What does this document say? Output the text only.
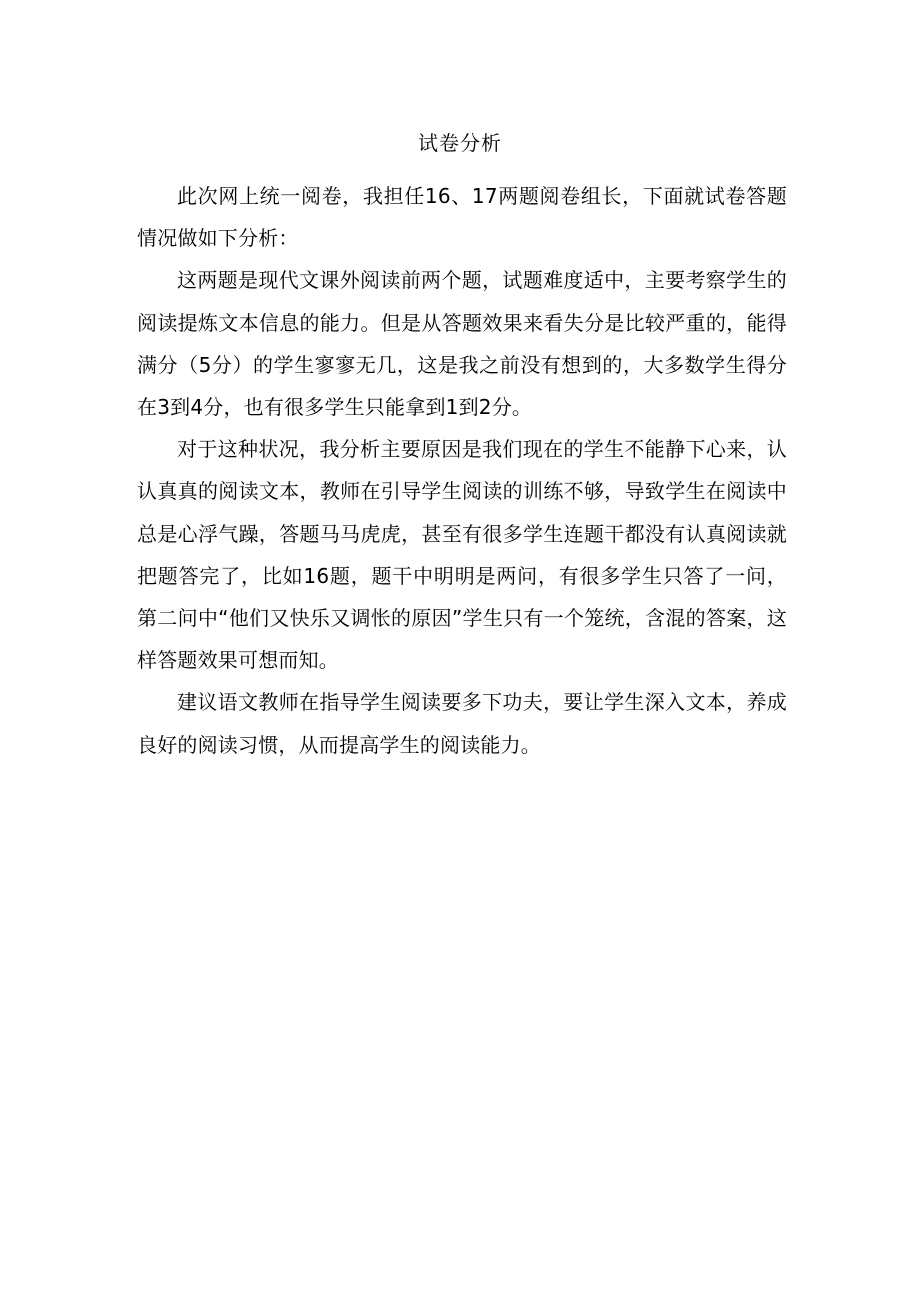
试卷分析

此次网上统一阅卷，我担任16、17两题阅卷组长，下面就试卷答题情况做如下分析：

这两题是现代文课外阅读前两个题，试题难度适中，主要考察学生的阅读提炼文本信息的能力。但是从答题效果来看失分是比较严重的，能得满分（5分）的学生寥寥无几，这是我之前没有想到的，大多数学生得分在3到4分，也有很多学生只能拿到1到2分。

对于这种状况，我分析主要原因是我们现在的学生不能静下心来，认认真真的阅读文本，教师在引导学生阅读的训练不够，导致学生在阅读中总是心浮气躁，答题马马虎虎，甚至有很多学生连题干都没有认真阅读就把题答完了，比如16题，题干中明明是两问，有很多学生只答了一问，第二问中“他们又快乐又调怅的原因”学生只有一个笼统，含混的答案，这样答题效果可想而知。

建议语文教师在指导学生阅读要多下功夫，要让学生深入文本，养成良好的阅读习惯，从而提高学生的阅读能力。
